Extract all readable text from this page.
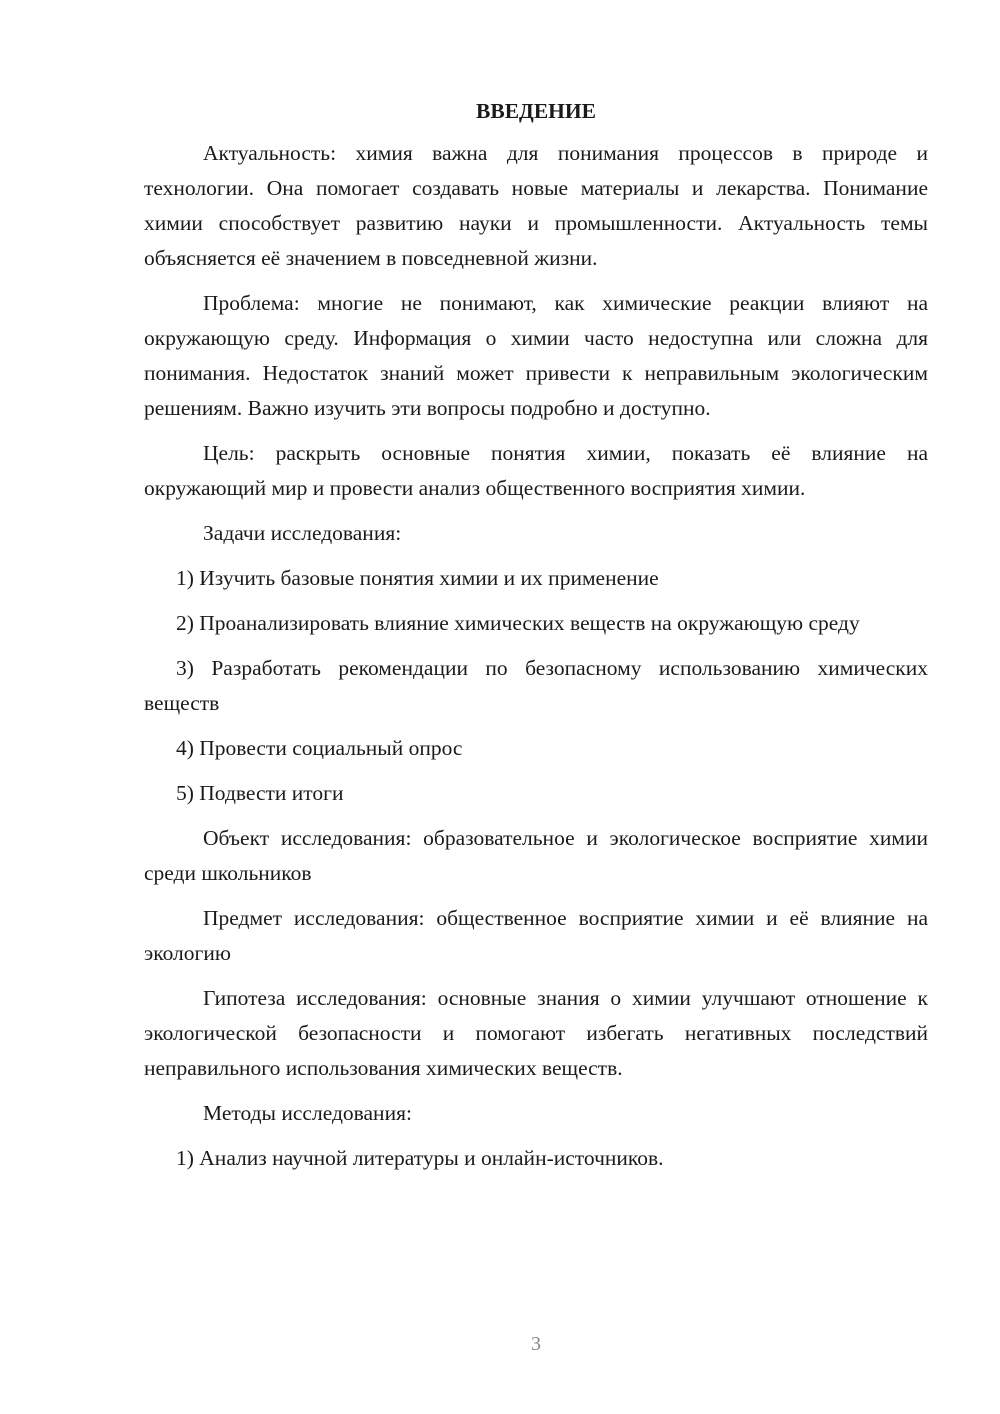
ВВЕДЕНИЕ
Актуальность: химия важна для понимания процессов в природе и технологии. Она помогает создавать новые материалы и лекарства. Понимание химии способствует развитию науки и промышленности. Актуальность темы объясняется её значением в повседневной жизни.
Проблема: многие не понимают, как химические реакции влияют на окружающую среду. Информация о химии часто недоступна или сложна для понимания. Недостаток знаний может привести к неправильным экологическим решениям. Важно изучить эти вопросы подробно и доступно.
Цель: раскрыть основные понятия химии, показать её влияние на окружающий мир и провести анализ общественного восприятия химии.
Задачи исследования:
1) Изучить базовые понятия химии и их применение
2) Проанализировать влияние химических веществ на окружающую среду
3) Разработать рекомендации по безопасному использованию химических веществ
4) Провести социальный опрос
5) Подвести итоги
Объект исследования: образовательное и экологическое восприятие химии среди школьников
Предмет исследования: общественное восприятие химии и её влияние на экологию
Гипотеза исследования: основные знания о химии улучшают отношение к экологической безопасности и помогают избегать негативных последствий неправильного использования химических веществ.
Методы исследования:
1) Анализ научной литературы и онлайн-источников.
3
